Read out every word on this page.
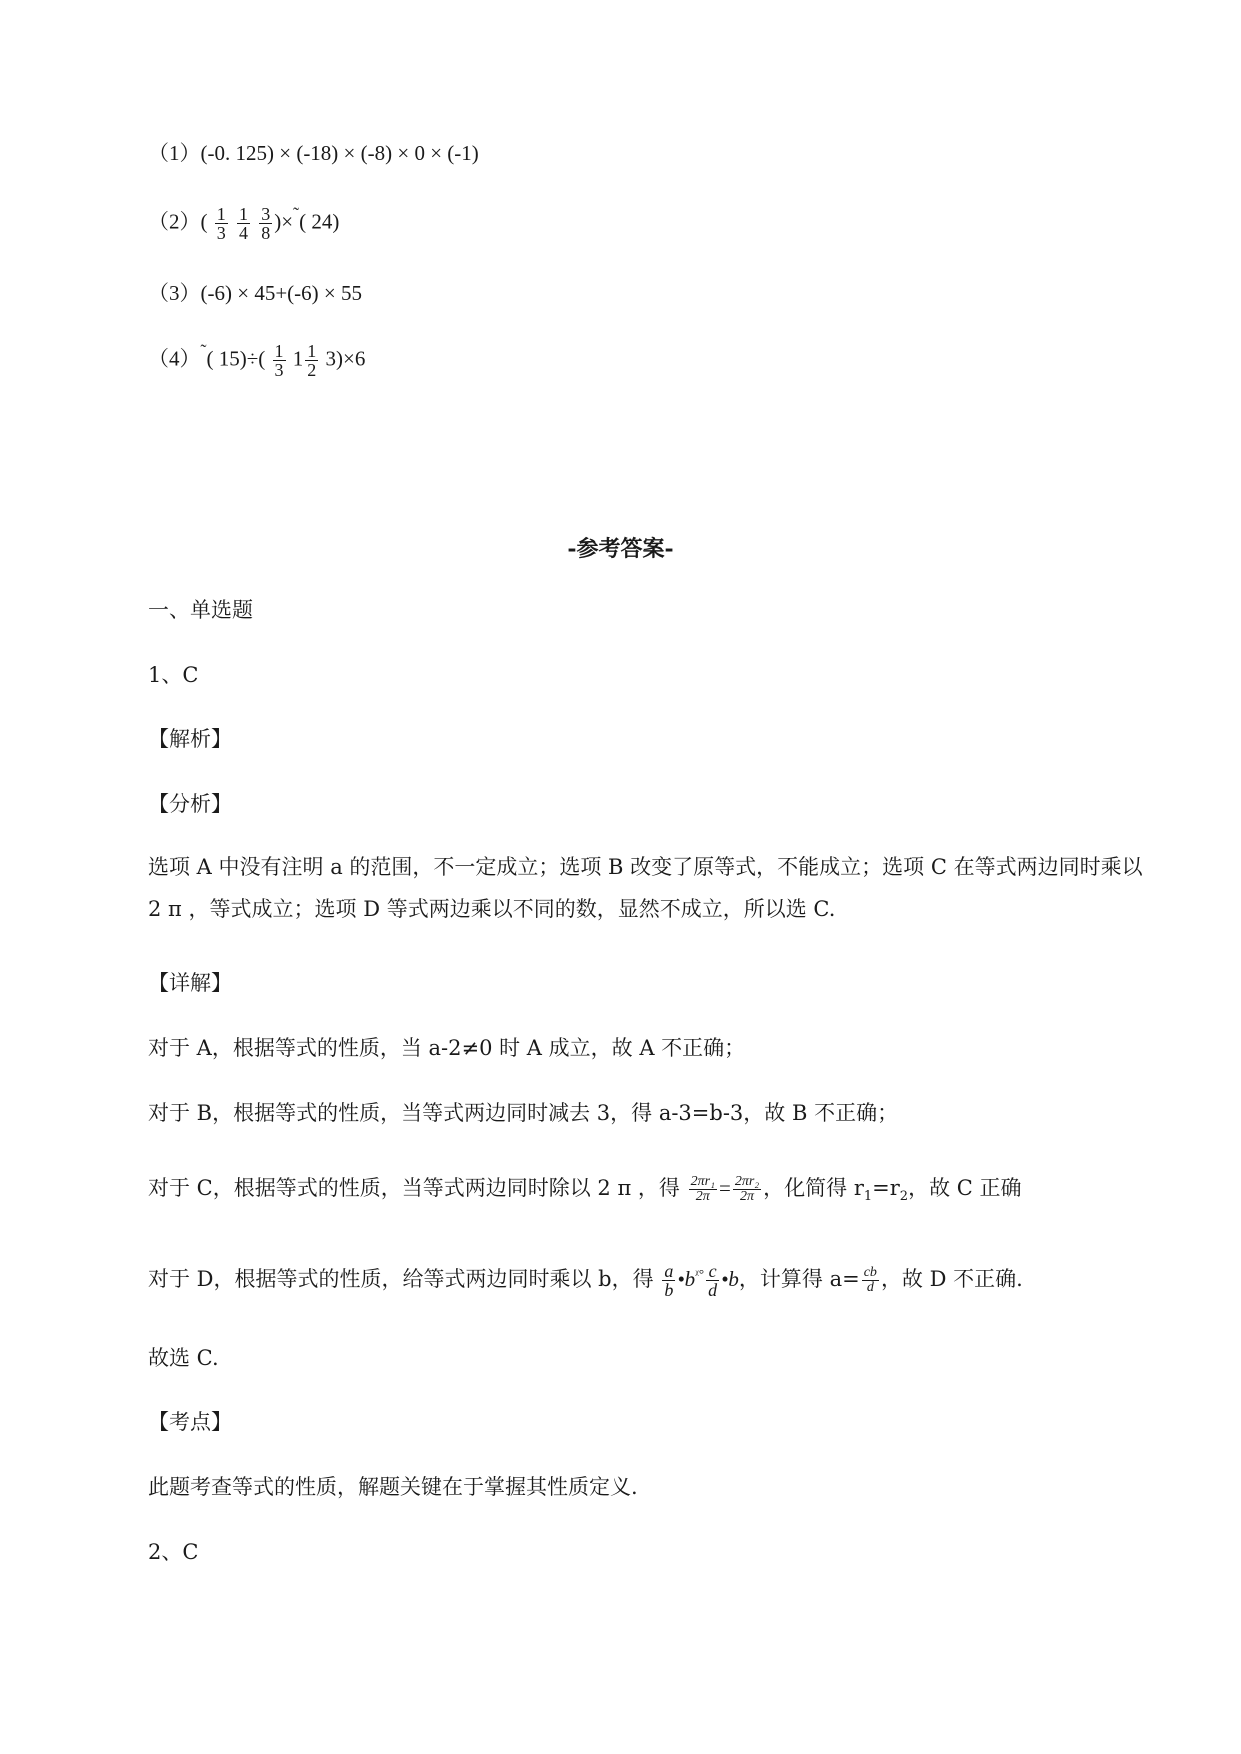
（1）(-0. 125) × (-18) × (-8) × 0 × (-1)
$(2)( \frac{1}{3}$
$\frac{1}{4}$
$\frac{3}{8}$ )×˜( 24)
（3）(-6) × 45+(-6) × 55
（4）˜( $15)\div( \frac{1}{3} 1 \frac{1}{2} 3)\times 6$
-参考答案-
一、单选题
1、C
【解析】
【分析】
选项 A 中没有注明 a 的范围，不一定成立；选项 B 改变了原等式，不能成立；选项 C 在等式两边同时乘以 2 π ，等式成立；选项 D 等式两边乘以不同的数，显然不成立，所以选 C.
【详解】
对于 A，根据等式的性质，当 a-2≠0 时 A 成立，故 A 不正确；
对于 B，根据等式的性质，当等式两边同时减去 3，得 a-3=b-3，故 B 不正确；
对于 C，根据等式的性质，当等式两边同时除以 2 π ，得 $\frac{\text{2πr₁}}{2\pi} = \frac{\text{2πr₂}}{2\pi}$ ，化简得 $r_1=r_2$，故 C 正确
对于 D，根据等式的性质，给等式两边同时乘以 b，得 $\frac{a}{b}$ $•b^{ᵡ^\circ} \frac{c}{d}$ •b，计算得 $a= \frac{cb}{d}$ ，故 D 不正确.
故选 C.
【考点】
此题考查等式的性质，解题关键在于掌握其性质定义.
2、C
